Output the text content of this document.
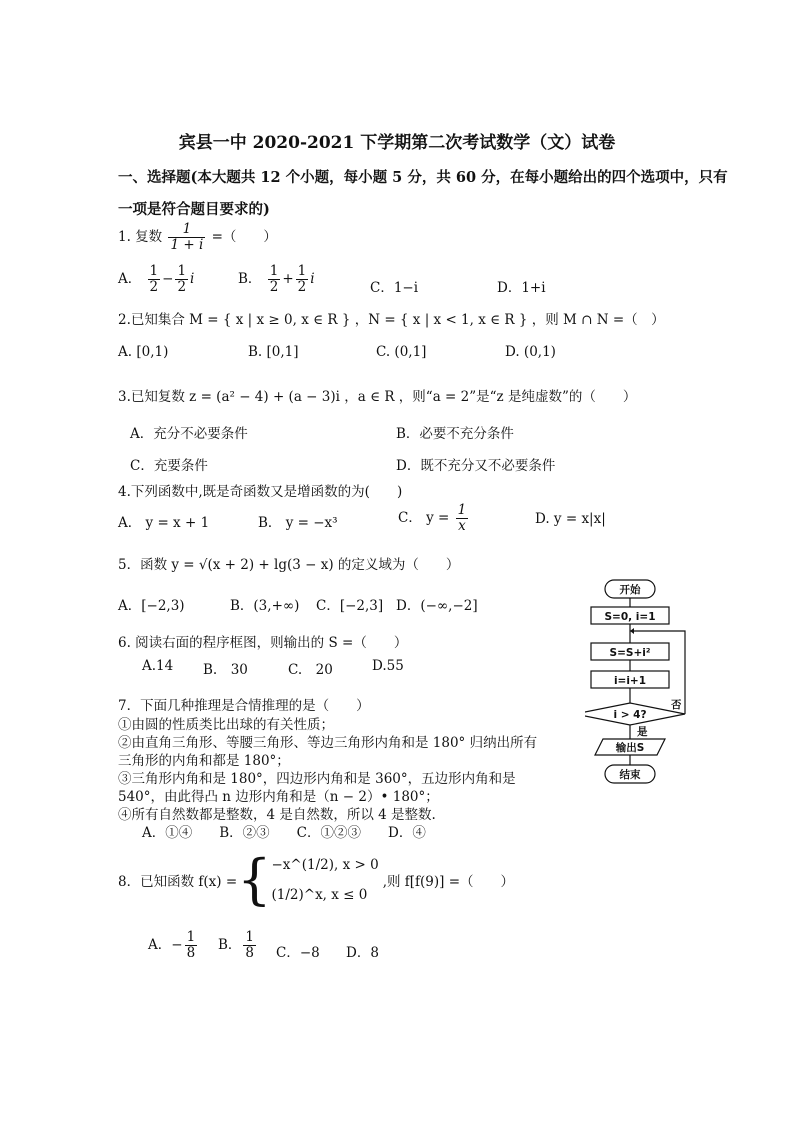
宾县一中 2020-2021 下学期第二次考试数学（文）试卷
一、选择题(本大题共 12 个小题，每小题 5 分，共 60 分，在每小题给出的四个选项中，只有
一项是符合题目要求的)
1. 复数 $\frac{1}{1 + i}$ =（　　）
A． $\frac{1}{2} - \frac{1}{2}$ i	B． $\frac{1}{2} + \frac{1}{2}$ i
C．1−i	D．1+i
2.已知集合 M = { x | x ≥ 0, x ∈ R } ，N = { x | x < 1, x ∈ R } ，则 M ∩ N =（　）
A. [0,1)	B. [0,1]	C. (0,1]	D. (0,1)
3.已知复数 z = (a² − 4) + (a − 3)i ，a ∈ R ，则“a = 2”是“z 是纯虚数”的（　　）
A．充分不必要条件	B．必要不充分条件
C．充要条件	D．既不充分又不必要条件
4.下列函数中,既是奇函数又是增函数的为(　　)
A． y = x + 1	B． y = −x³	C． $y = \frac{1}{x}$	D. y = x|x|
5．函数 y = √(x + 2) + lg(3 − x) 的定义域为（　　）
A．[−2,3)	B．(3,+∞) C．[−2,3] D．(−∞,−2]
6. 阅读右面的程序框图，则输出的 S =（　　）
A.14 B.　30	C.　20	D.55
7．下面几种推理是合情推理的是（　　）
①由圆的性质类比出球的有关性质；
②由直角三角形、等腰三角形、等边三角形内角和是 180° 归纳出所有
三角形的内角和都是 180°；
③三角形内角和是 180°，四边形内角和是 360°，五边形内角和是
540°，由此得凸 n 边形内角和是（n − 2）• 180°；
④所有自然数都是整数，4 是自然数，所以 4 是整数.
A．①④　　B．②③　　C．①②③　　D．④
8．已知函数 f(x) = { −x^(1/2), x > 0
(1/2)^x, x ≤ 0
,则 f[f(9)] =（　　）
A．− $\frac{1}{8}$ B． $\frac{1}{8}$ C．−8 D．8
开始
S=0, i=1
S=S+i²
i=i+1
i > 4?
否
是
输出S
结束
